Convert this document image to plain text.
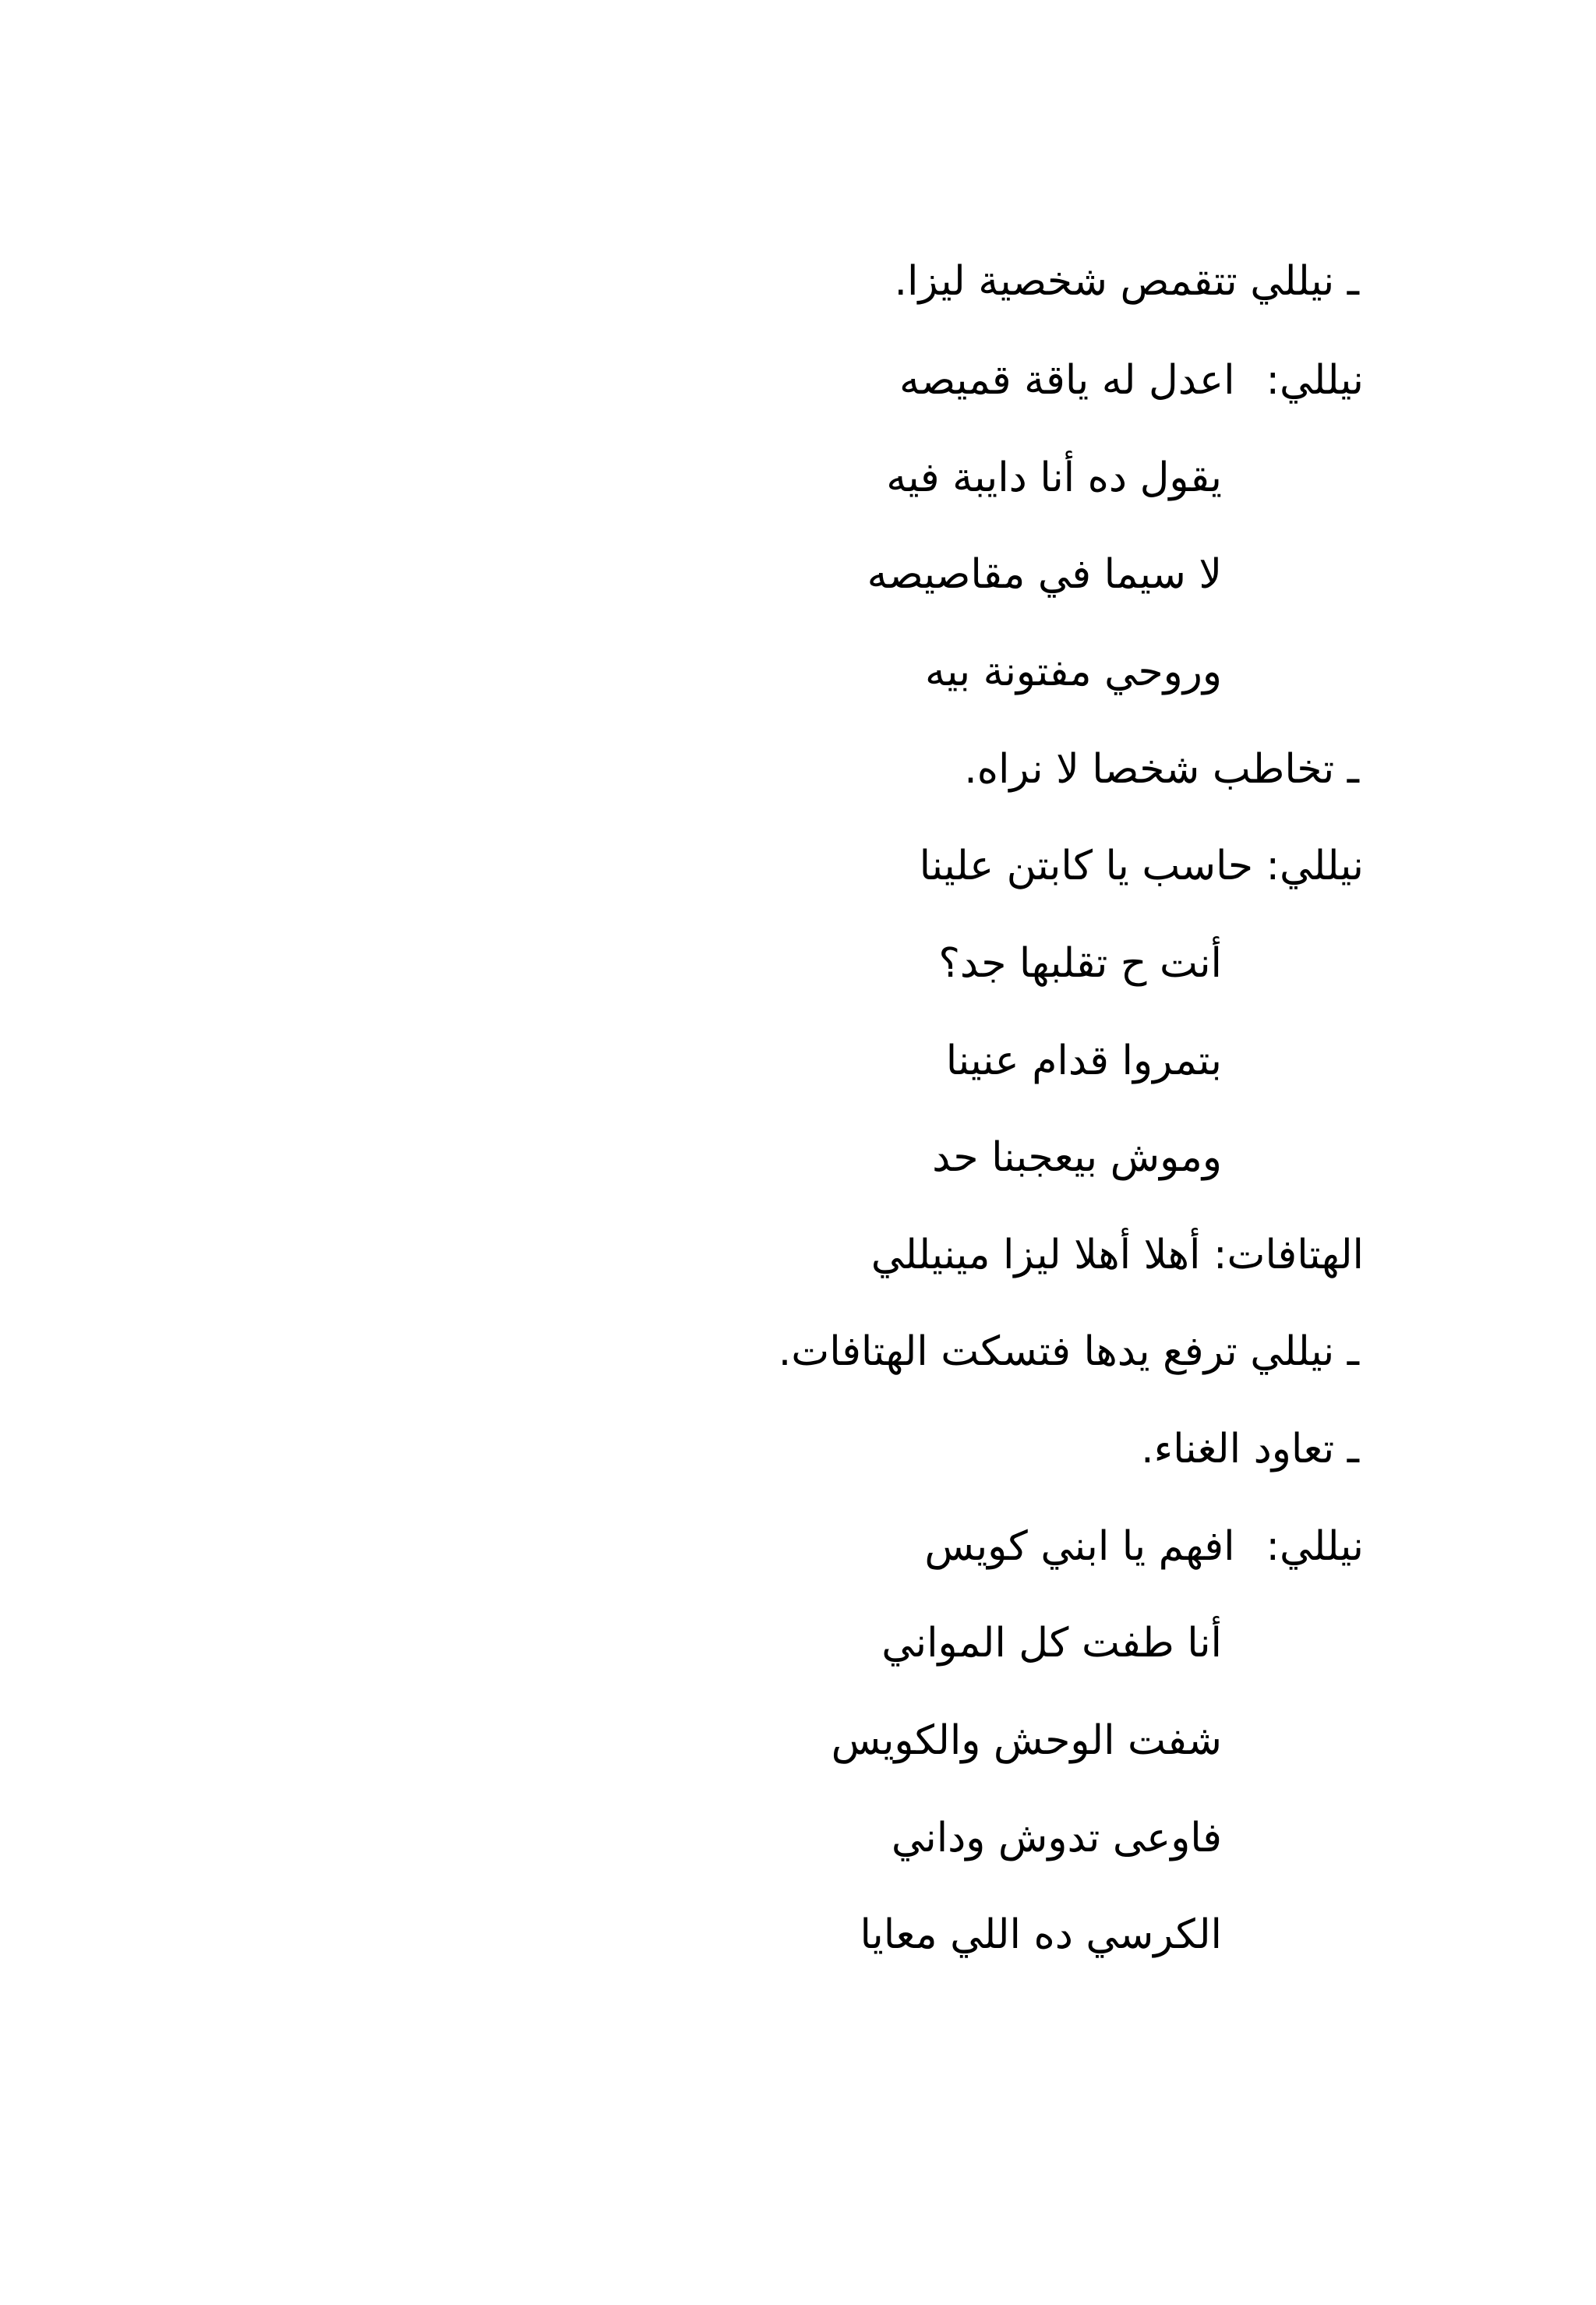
ـ نيللي تتقمص شخصية ليزا.
نيللي:اعدل له ياقة قميصه
يقول ده أنا دايبة فيه
لا سيما في مقاصيصه
وروحي مفتونة بيه
ـ تخاطب شخصا لا نراه.
نيللي: حاسب يا كابتن علينا
أنت ح تقلبها جد؟
بتمروا قدام عنينا
وموش بيعجبنا حد
الهتافات: أهلا أهلا ليزا مينيللي
ـ نيللي ترفع يدها فتسكت الهتافات.
ـ تعاود الغناء.
نيللي:افهم يا ابني كويس
أنا طفت كل المواني
شفت الوحش والكويس
فاوعى تدوش وداني
الكرسي ده اللي معايا
